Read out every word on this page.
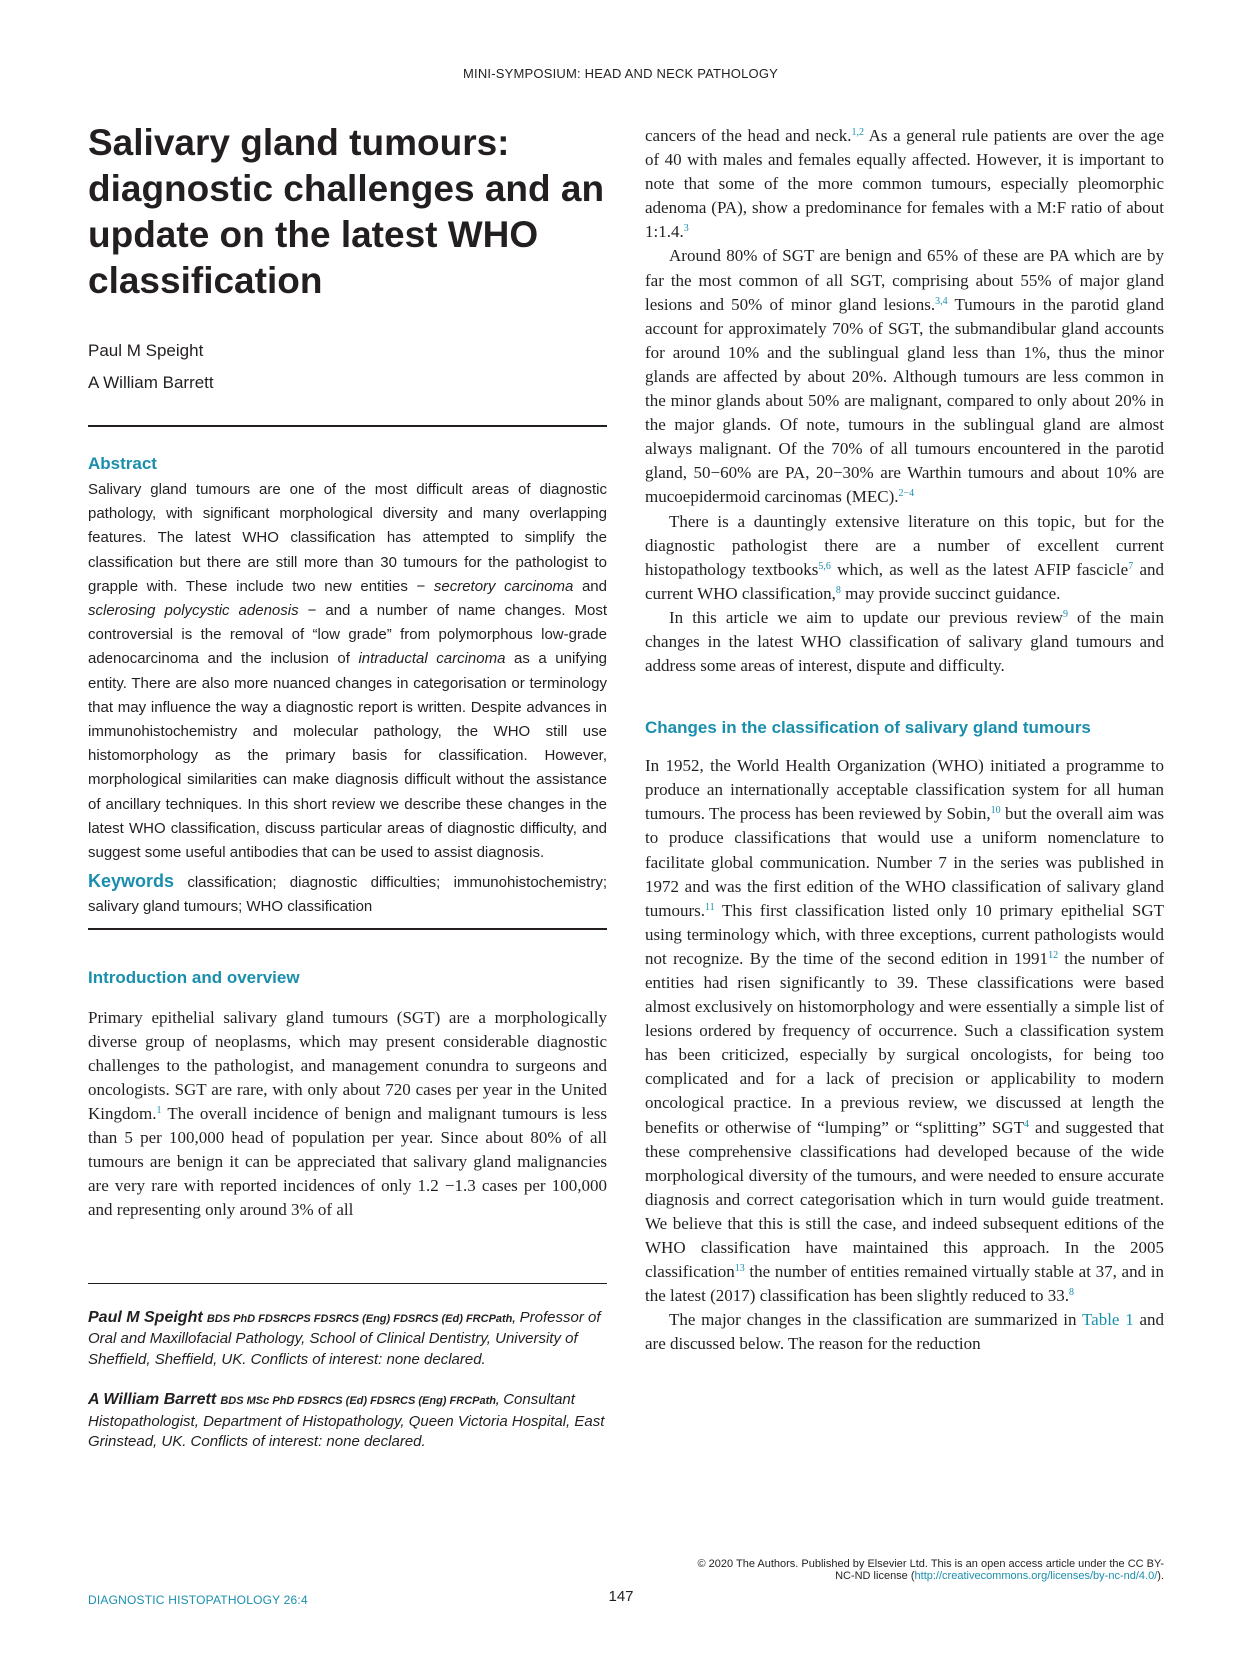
MINI-SYMPOSIUM: HEAD AND NECK PATHOLOGY
Salivary gland tumours: diagnostic challenges and an update on the latest WHO classification

Paul M Speight

A William Barrett

Abstract

Salivary gland tumours are one of the most difficult areas of diagnostic pathology, with significant morphological diversity and many overlapping features. The latest WHO classification has attempted to simplify the classification but there are still more than 30 tumours for the pathologist to grapple with. These include two new entities − secretory carcinoma and sclerosing polycystic adenosis − and a number of name changes. Most controversial is the removal of “low grade” from polymorphous low-grade adenocarcinoma and the inclusion of intraductal carcinoma as a unifying entity. There are also more nuanced changes in categorisation or terminology that may influence the way a diagnostic report is written. Despite advances in immunohistochemistry and molecular pathology, the WHO still use histomorphology as the primary basis for classification. However, morphological similarities can make diagnosis difficult without the assistance of ancillary techniques. In this short review we describe these changes in the latest WHO classification, discuss particular areas of diagnostic difficulty, and suggest some useful antibodies that can be used to assist diagnosis.

Keywords classification; diagnostic difficulties; immunohistochemistry; salivary gland tumours; WHO classification

Introduction and overview

Primary epithelial salivary gland tumours (SGT) are a morphologically diverse group of neoplasms, which may present considerable diagnostic challenges to the pathologist, and management conundra to surgeons and oncologists. SGT are rare, with only about 720 cases per year in the United Kingdom.$^1$ The overall incidence of benign and malignant tumours is less than 5 per 100,000 head of population per year. Since about 80% of all tumours are benign it can be appreciated that salivary gland malignancies are very rare with reported incidences of only 1.2 −1.3 cases per 100,000 and representing only around 3% of all

Paul M Speight BDS PhD FDSRCPS FDSRCS (Eng) FDSRCS (Ed) FRCPath, Professor of Oral and Maxillofacial Pathology, School of Clinical Dentistry, University of Sheffield, Sheffield, UK. Conflicts of interest: none declared.

A William Barrett BDS MSc PhD FDSRCS (Ed) FDSRCS (Eng) FRCPath, Consultant Histopathologist, Department of Histopathology, Queen Victoria Hospital, East Grinstead, UK. Conflicts of interest: none declared.

cancers of the head and neck.$^{1,2}$ As a general rule patients are over the age of 40 with males and females equally affected. However, it is important to note that some of the more common tumours, especially pleomorphic adenoma (PA), show a predominance for females with a M:F ratio of about 1:1.4.$^3$

Around 80% of SGT are benign and 65% of these are PA which are by far the most common of all SGT, comprising about 55% of major gland lesions and 50% of minor gland lesions.$^{3,4}$ Tumours in the parotid gland account for approximately 70% of SGT, the submandibular gland accounts for around 10% and the sublingual gland less than 1%, thus the minor glands are affected by about 20%. Although tumours are less common in the minor glands about 50% are malignant, compared to only about 20% in the major glands. Of note, tumours in the sublingual gland are almost always malignant. Of the 70% of all tumours encountered in the parotid gland, 50−60% are PA, 20−30% are Warthin tumours and about 10% are mucoepidermoid carcinomas (MEC).$^{2-4}$

There is a dauntingly extensive literature on this topic, but for the diagnostic pathologist there are a number of excellent current histopathology textbooks$^{5,6}$ which, as well as the latest AFIP fascicle$^7$ and current WHO classification,$^8$ may provide succinct guidance.

In this article we aim to update our previous review$^9$ of the main changes in the latest WHO classification of salivary gland tumours and address some areas of interest, dispute and difficulty.

Changes in the classification of salivary gland tumours

In 1952, the World Health Organization (WHO) initiated a programme to produce an internationally acceptable classification system for all human tumours. The process has been reviewed by Sobin,$^{10}$ but the overall aim was to produce classifications that would use a uniform nomenclature to facilitate global communication. Number 7 in the series was published in 1972 and was the first edition of the WHO classification of salivary gland tumours.$^{11}$ This first classification listed only 10 primary epithelial SGT using terminology which, with three exceptions, current pathologists would not recognize. By the time of the second edition in 1991$^{12}$ the number of entities had risen significantly to 39. These classifications were based almost exclusively on histomorphology and were essentially a simple list of lesions ordered by frequency of occurrence. Such a classification system has been criticized, especially by surgical oncologists, for being too complicated and for a lack of precision or applicability to modern oncological practice. In a previous review, we discussed at length the benefits or otherwise of “lumping” or “splitting” SGT$^4$ and suggested that these comprehensive classifications had developed because of the wide morphological diversity of the tumours, and were needed to ensure accurate diagnosis and correct categorisation which in turn would guide treatment. We believe that this is still the case, and indeed subsequent editions of the WHO classification have maintained this approach. In the 2005 classification$^{13}$ the number of entities remained virtually stable at 37, and in the latest (2017) classification has been slightly reduced to 33.$^8$

The major changes in the classification are summarized in Table 1 and are discussed below. The reason for the reduction

© 2020 The Authors. Published by Elsevier Ltd. This is an open access article under the CC BY-NC-ND license (http://creativecommons.org/licenses/by-nc-nd/4.0/).
DIAGNOSTIC HISTOPATHOLOGY 26:4	147
